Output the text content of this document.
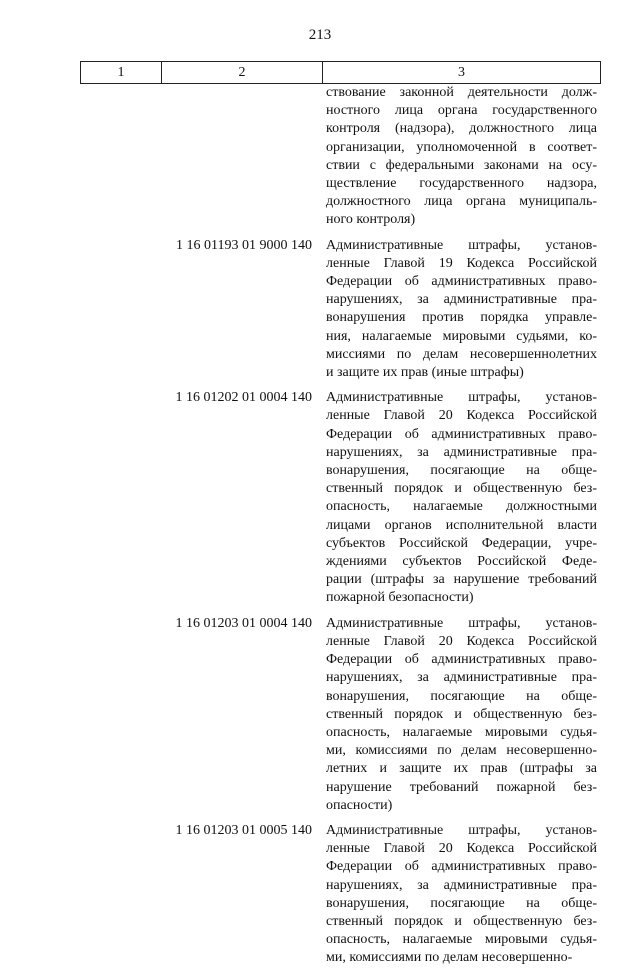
213
1	2	3
ствование законной деятельности долж-
ностного лица органа государственного
контроля (надзора), должностного лица
организации, уполномоченной в соответ-
ствии с федеральными законами на осу-
ществление государственного надзора,
должностного лица органа муниципаль-
ного контроля)
1 16 01193 01 9000 140	Административные штрафы, установ-
ленные Главой 19 Кодекса Российской
Федерации об административных право-
нарушениях, за административные пра-
вонарушения против порядка управле-
ния, налагаемые мировыми судьями, ко-
миссиями по делам несовершеннолетних
и защите их прав (иные штрафы)
1 16 01202 01 0004 140	Административные штрафы, установ-
ленные Главой 20 Кодекса Российской
Федерации об административных право-
нарушениях, за административные пра-
вонарушения, посягающие на обще-
ственный порядок и общественную без-
опасность, налагаемые должностными
лицами органов исполнительной власти
субъектов Российской Федерации, учре-
ждениями субъектов Российской Феде-
рации (штрафы за нарушение требований
пожарной безопасности)
1 16 01203 01 0004 140	Административные штрафы, установ-
ленные Главой 20 Кодекса Российской
Федерации об административных право-
нарушениях, за административные пра-
вонарушения, посягающие на обще-
ственный порядок и общественную без-
опасность, налагаемые мировыми судья-
ми, комиссиями по делам несовершенно-
летних и защите их прав (штрафы за
нарушение требований пожарной без-
опасности)
1 16 01203 01 0005 140	Административные штрафы, установ-
ленные Главой 20 Кодекса Российской
Федерации об административных право-
нарушениях, за административные пра-
вонарушения, посягающие на обще-
ственный порядок и общественную без-
опасность, налагаемые мировыми судья-
ми, комиссиями по делам несовершенно-
